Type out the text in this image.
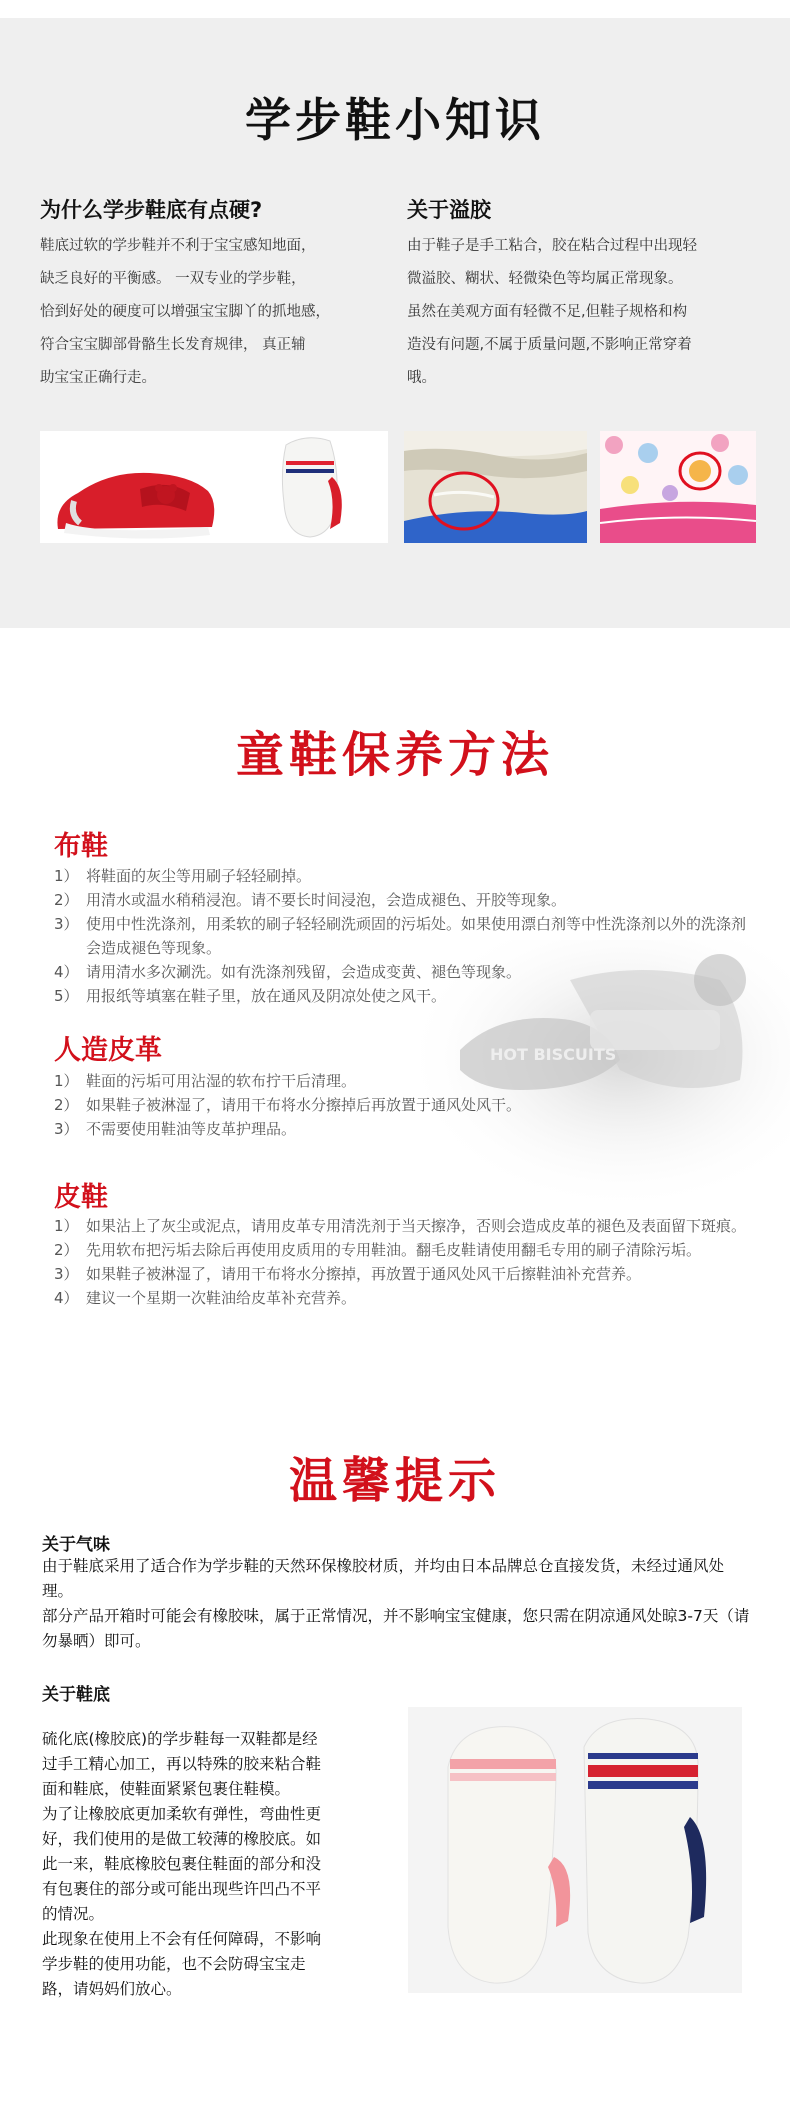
学步鞋小知识
为什么学步鞋底有点硬?

鞋底过软的学步鞋并不利于宝宝感知地面，
缺乏良好的平衡感。 一双专业的学步鞋，
恰到好处的硬度可以增强宝宝脚丫的抓地感，
符合宝宝脚部骨骼生长发育规律， 真正辅
助宝宝正确行走。

关于溢胶

由于鞋子是手工粘合，胶在粘合过程中出现轻
微溢胶、糊状、轻微染色等均属正常现象。
虽然在美观方面有轻微不足,但鞋子规格和构
造没有问题,不属于质量问题,不影响正常穿着
哦。

童鞋保养方法
HOT BISCUITS
布鞋
1） 将鞋面的灰尘等用刷子轻轻刷掉。
2） 用清水或温水稍稍浸泡。请不要长时间浸泡，会造成褪色、开胶等现象。
3） 使用中性洗涤剂，用柔软的刷子轻轻刷洗顽固的污垢处。如果使用漂白剂等中性洗涤剂以外的洗涤剂会造成褪色等现象。
4） 请用清水多次涮洗。如有洗涤剂残留，会造成变黄、褪色等现象。
5） 用报纸等填塞在鞋子里，放在通风及阴凉处使之风干。
人造皮革
1） 鞋面的污垢可用沾湿的软布拧干后清理。
2） 如果鞋子被淋湿了，请用干布将水分擦掉后再放置于通风处风干。
3） 不需要使用鞋油等皮革护理品。
皮鞋
1） 如果沾上了灰尘或泥点，请用皮革专用清洗剂于当天擦净，否则会造成皮革的褪色及表面留下斑痕。
2） 先用软布把污垢去除后再使用皮质用的专用鞋油。翻毛皮鞋请使用翻毛专用的刷子清除污垢。
3） 如果鞋子被淋湿了，请用干布将水分擦掉，再放置于通风处风干后擦鞋油补充营养。
4） 建议一个星期一次鞋油给皮革补充营养。
温馨提示
关于气味

由于鞋底采用了适合作为学步鞋的天然环保橡胶材质，并均由日本品牌总仓直接发货，未经过通风处理。

部分产品开箱时可能会有橡胶味，属于正常情况，并不影响宝宝健康，您只需在阴凉通风处晾3-7天（请勿暴晒）即可。

关于鞋底

硫化底(橡胶底)的学步鞋每一双鞋都是经
过手工精心加工，再以特殊的胶来粘合鞋
面和鞋底，使鞋面紧紧包裹住鞋模。
为了让橡胶底更加柔软有弹性，弯曲性更
好，我们使用的是做工较薄的橡胶底。如
此一来，鞋底橡胶包裹住鞋面的部分和没
有包裹住的部分或可能出现些许凹凸不平
的情况。
此现象在使用上不会有任何障碍，不影响
学步鞋的使用功能，也不会防碍宝宝走
路，请妈妈们放心。
